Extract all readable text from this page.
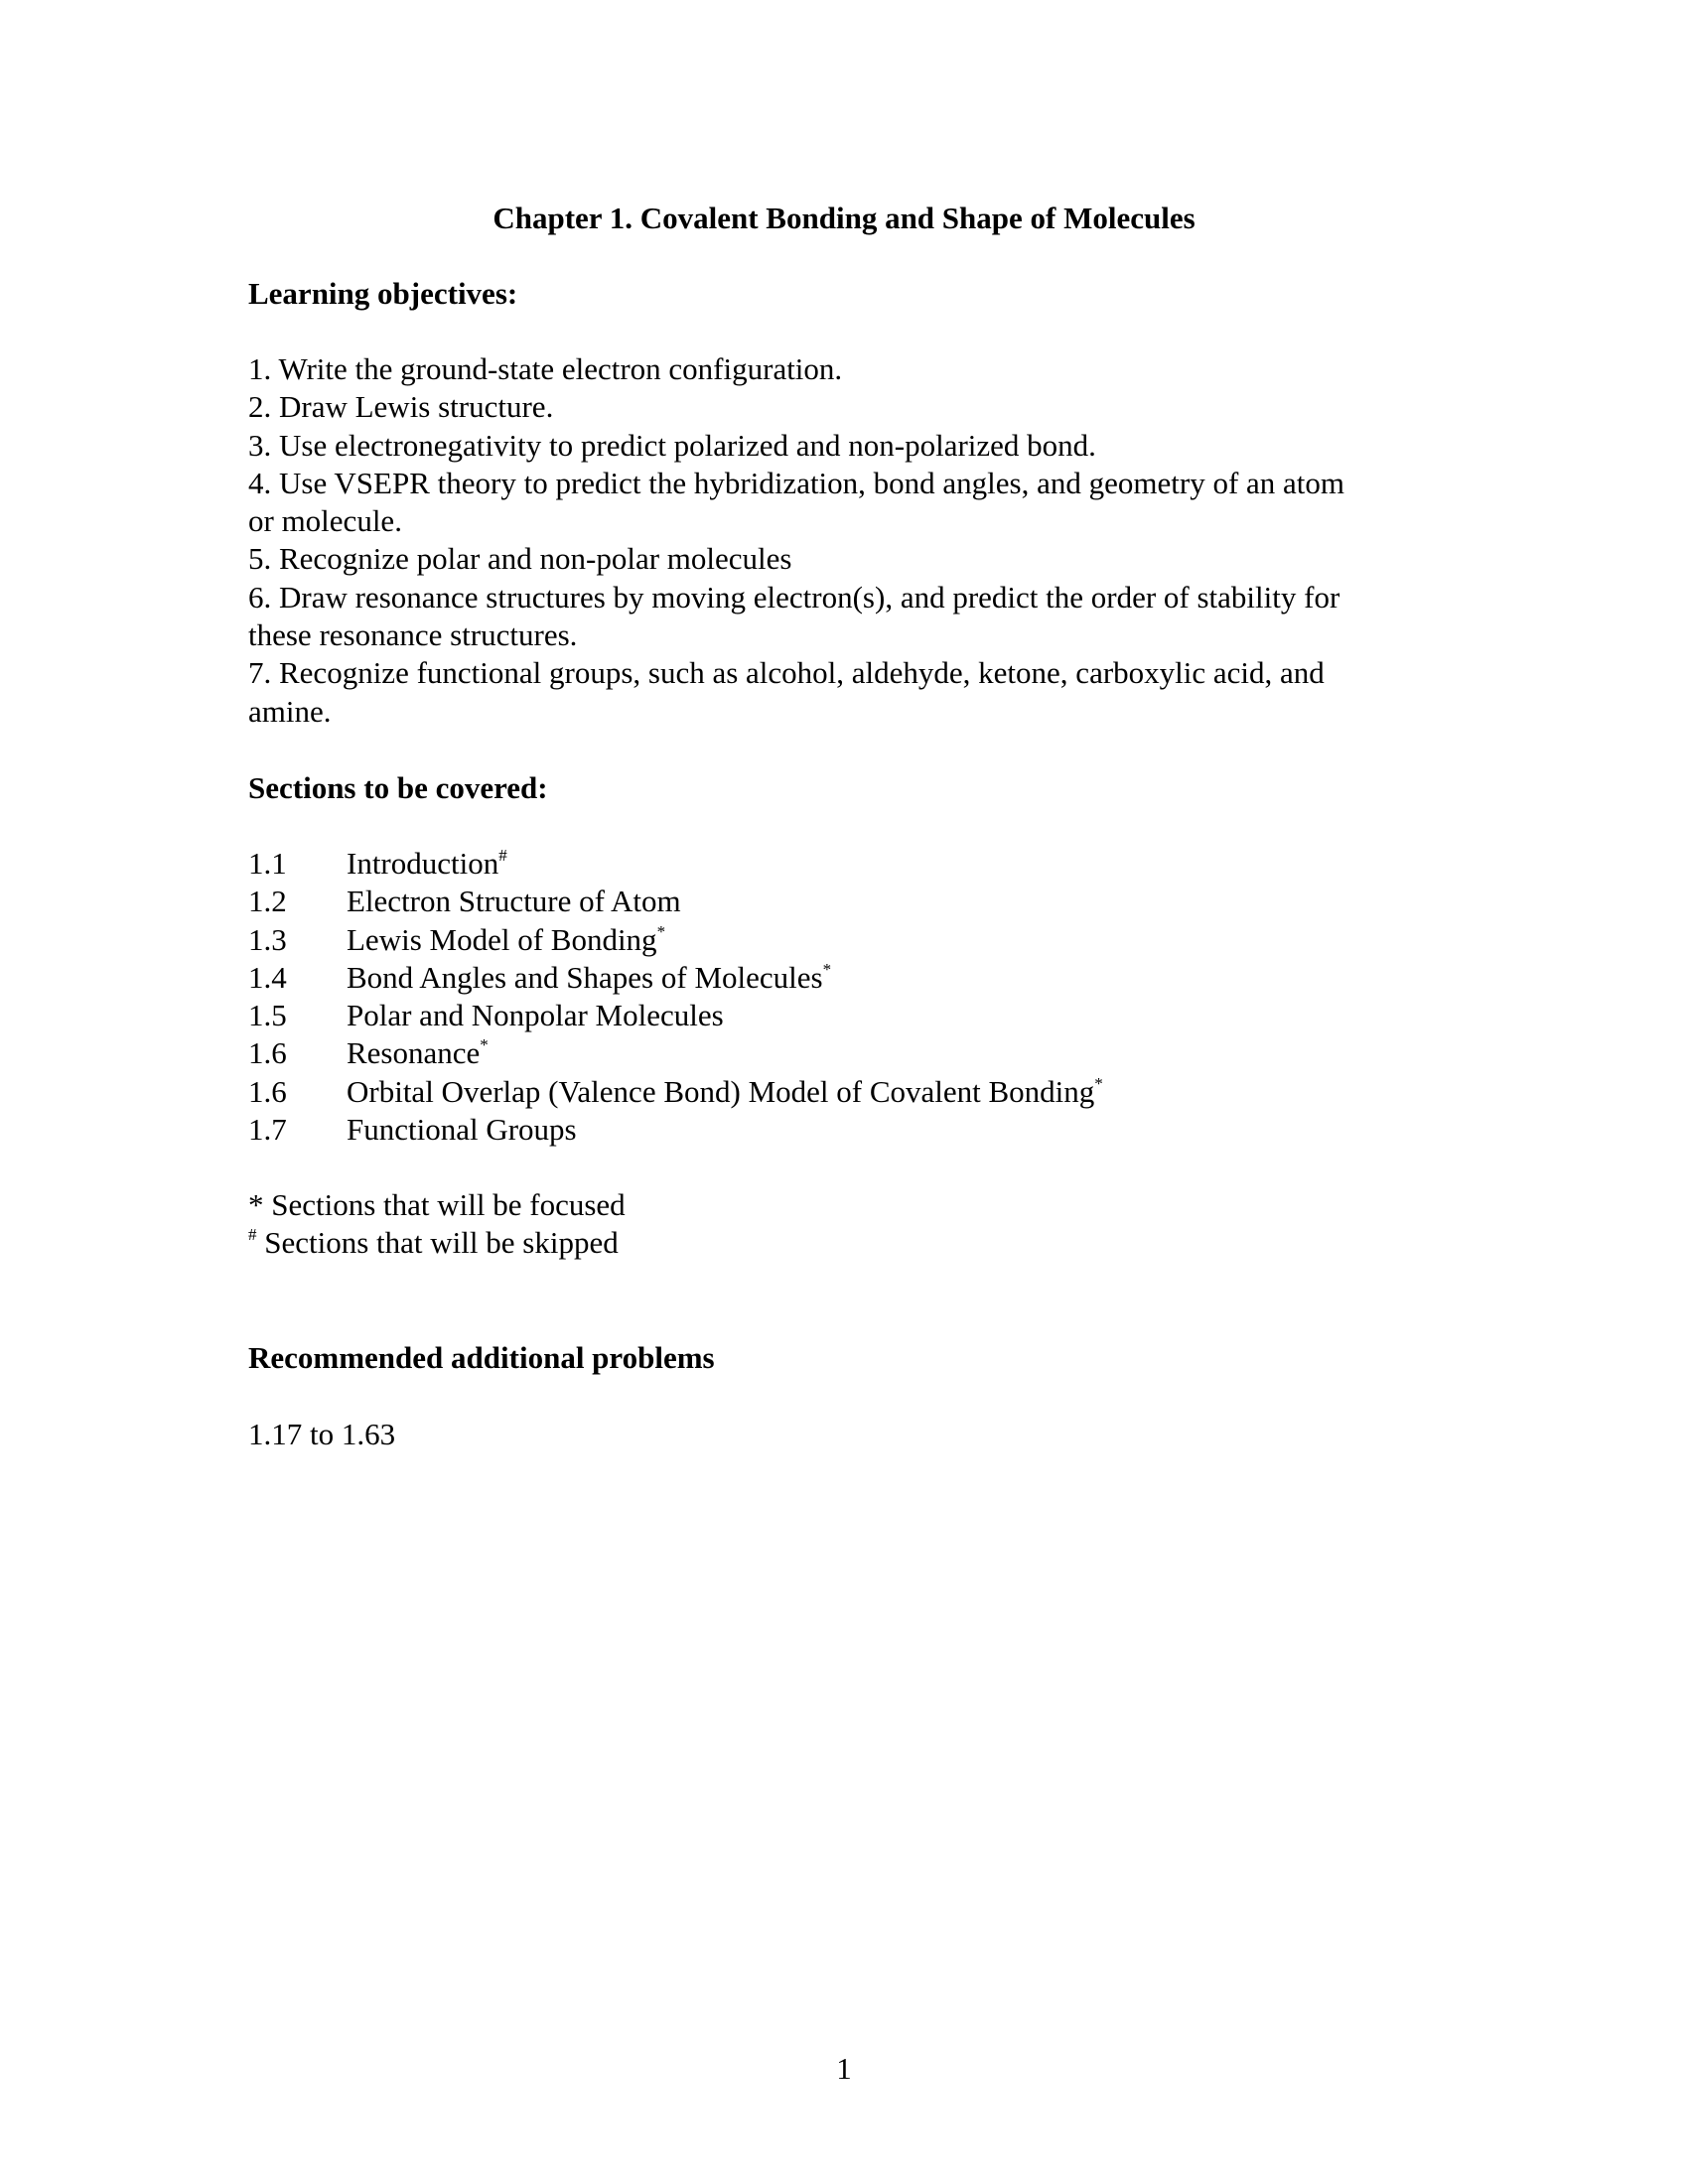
Chapter 1. Covalent Bonding and Shape of Molecules
Learning objectives:
1. Write the ground-state electron configuration.
2. Draw Lewis structure.
3. Use electronegativity to predict polarized and non-polarized bond.
4. Use VSEPR theory to predict the hybridization, bond angles, and geometry of an atom
or molecule.
5. Recognize polar and non-polar molecules
6. Draw resonance structures by moving electron(s), and predict the order of stability for
these resonance structures.
7. Recognize functional groups, such as alcohol, aldehyde, ketone, carboxylic acid, and
amine.
Sections to be covered:
1.1 Introduction#
1.2 Electron Structure of Atom
1.3 Lewis Model of Bonding*
1.4 Bond Angles and Shapes of Molecules*
1.5 Polar and Nonpolar Molecules
1.6 Resonance*
1.6 Orbital Overlap (Valence Bond) Model of Covalent Bonding*
1.7 Functional Groups
* Sections that will be focused
# Sections that will be skipped
Recommended additional problems
1.17 to 1.63
1
